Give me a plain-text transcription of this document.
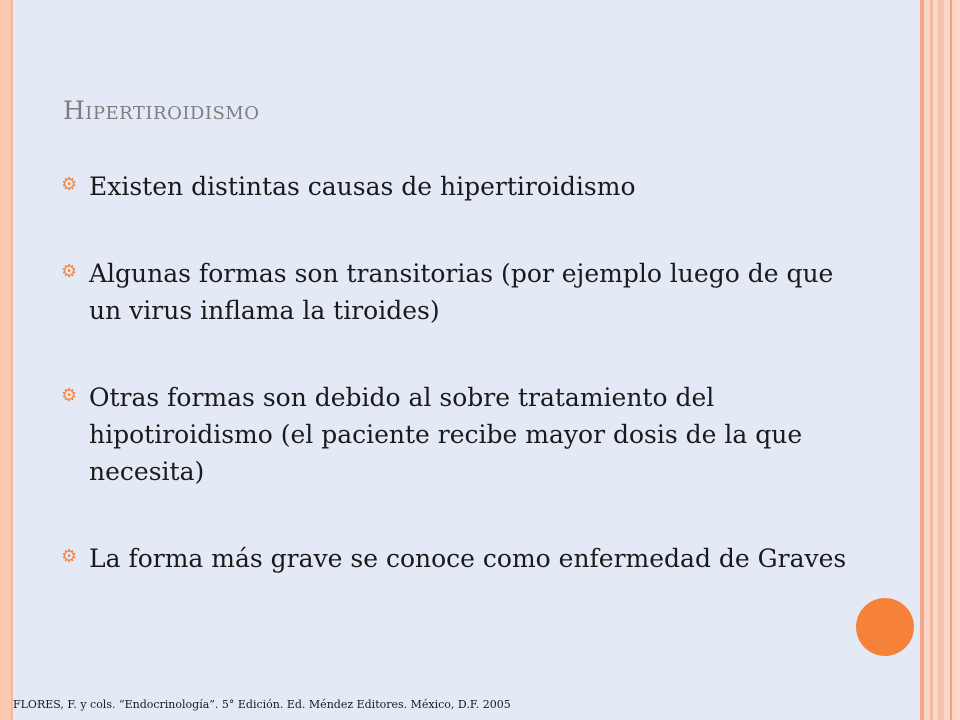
Hipertiroidismo
⚙ Existen distintas causas de hipertiroidismo
⚙ Algunas formas son transitorias (por ejemplo luego de que un virus inflama la tiroides)
⚙ Otras formas son debido al sobre tratamiento del hipotiroidismo (el paciente recibe mayor dosis de la que necesita)
⚙ La forma más grave se conoce como enfermedad de Graves
FLORES, F. y cols. “Endocrinología”. 5° Edición. Ed. Méndez Editores. México, D.F. 2005
